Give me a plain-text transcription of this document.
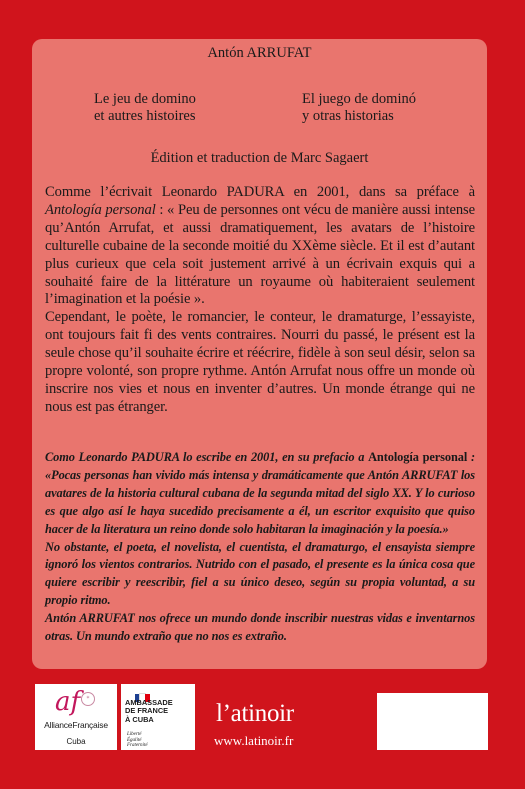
Antón ARRUFAT
Le jeu de domino
et autres histoires
El juego de dominó
y otras historias
Édition et traduction de Marc Sagaert

Comme l’écrivait Leonardo PADURA en 2001, dans sa préface à Antología personal : « Peu de personnes ont vécu de manière aussi intense qu’Antón Arrufat, et aussi dramatiquement, les avatars de l’histoire culturelle cubaine de la seconde moitié du XXème siècle. Et il est d’autant plus curieux que cela soit justement arrivé à un écrivain exquis qui a souhaité faire de la littérature un royaume où habiteraient seulement l’imagination et la poésie ».

Cependant, le poète, le romancier, le conteur, le dramaturge, l’essayiste, ont toujours fait fi des vents contraires. Nourri du passé, le présent est la seule chose qu’il souhaite écrire et réécrire, fidèle à son seul désir, selon sa propre volonté, son propre rythme. Antón Arrufat nous offre un monde où inscrire nos vies et nous en inventer d’autres. Un monde étrange qui ne nous est pas étranger.

Como Leonardo PADURA lo escribe en 2001, en su prefacio a Antología personal : «Pocas personas han vivido más intensa y dramáticamente que Antón ARRUFAT los avatares de la historia cultural cubana de la segunda mitad del siglo XX. Y lo curioso es que algo así le haya sucedido precisamente a él, un escritor exquisito que quiso hacer de la literatura un reino donde solo habitaran la imaginación y la poesía.»

No obstante, el poeta, el novelista, el cuentista, el dramaturgo, el ensayista siempre ignoró los vientos contrarios. Nutrido con el pasado, el presente es la única cosa que quiere escribir y reescribir, fiel a su único deseo, según su propia voluntad, a su propio ritmo.

Antón ARRUFAT nos ofrece un mundo donde inscribir nuestras vidas e inventarnos otras. Un mundo extraño que no nos es extraño.

af	✶
AllianceFrançaise
Cuba
AMBASSADE
DE FRANCE
À CUBA
Liberté
Égalité
Fraternité
l’atinoir
www.latinoir.fr
